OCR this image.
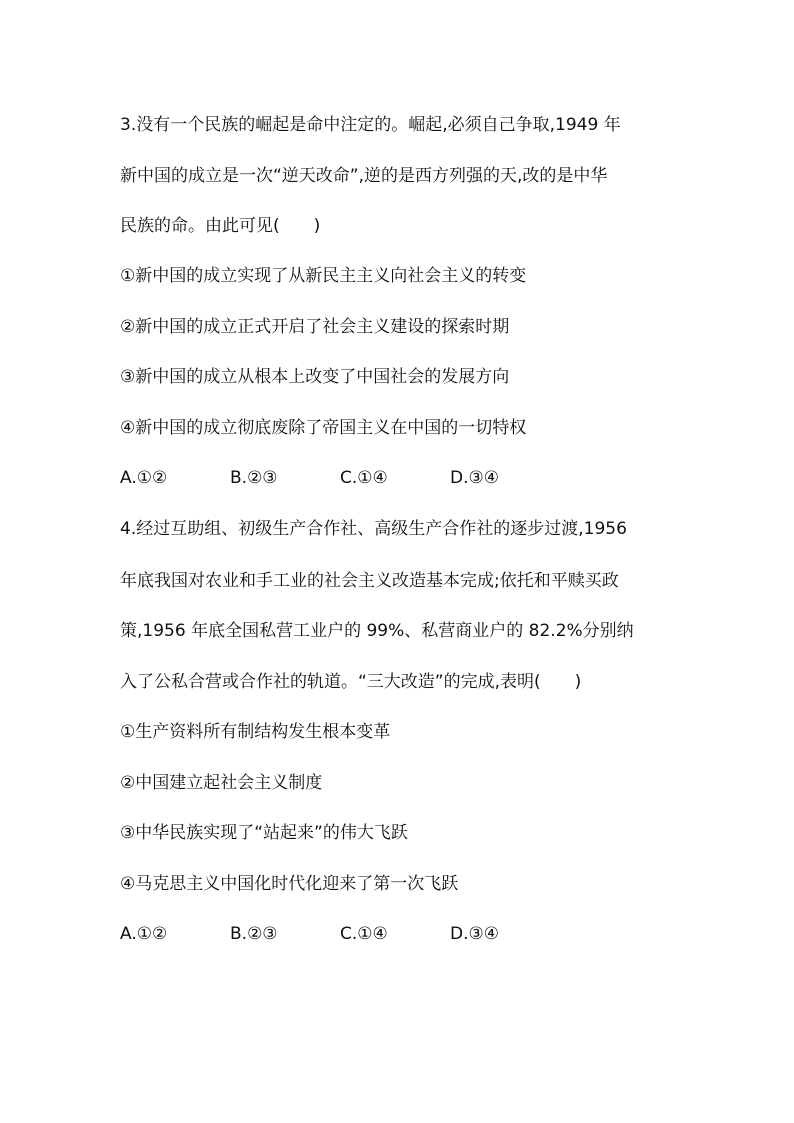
3.没有一个民族的崛起是命中注定的。崛起,必须自己争取,1949 年
新中国的成立是一次“逆天改命”,逆的是西方列强的天,改的是中华
民族的命。由此可见(　　)
①新中国的成立实现了从新民主主义向社会主义的转变
②新中国的成立正式开启了社会主义建设的探索时期
③新中国的成立从根本上改变了中国社会的发展方向
④新中国的成立彻底废除了帝国主义在中国的一切特权
A.①②	B.②③	C.①④	D.③④
4.经过互助组、初级生产合作社、高级生产合作社的逐步过渡,1956
年底我国对农业和手工业的社会主义改造基本完成;依托和平赎买政
策,1956 年底全国私营工业户的 99%、私营商业户的 82.2%分别纳
入了公私合营或合作社的轨道。“三大改造”的完成,表明(　　)
①生产资料所有制结构发生根本变革
②中国建立起社会主义制度
③中华民族实现了“站起来”的伟大飞跃
④马克思主义中国化时代化迎来了第一次飞跃
A.①②	B.②③	C.①④	D.③④
